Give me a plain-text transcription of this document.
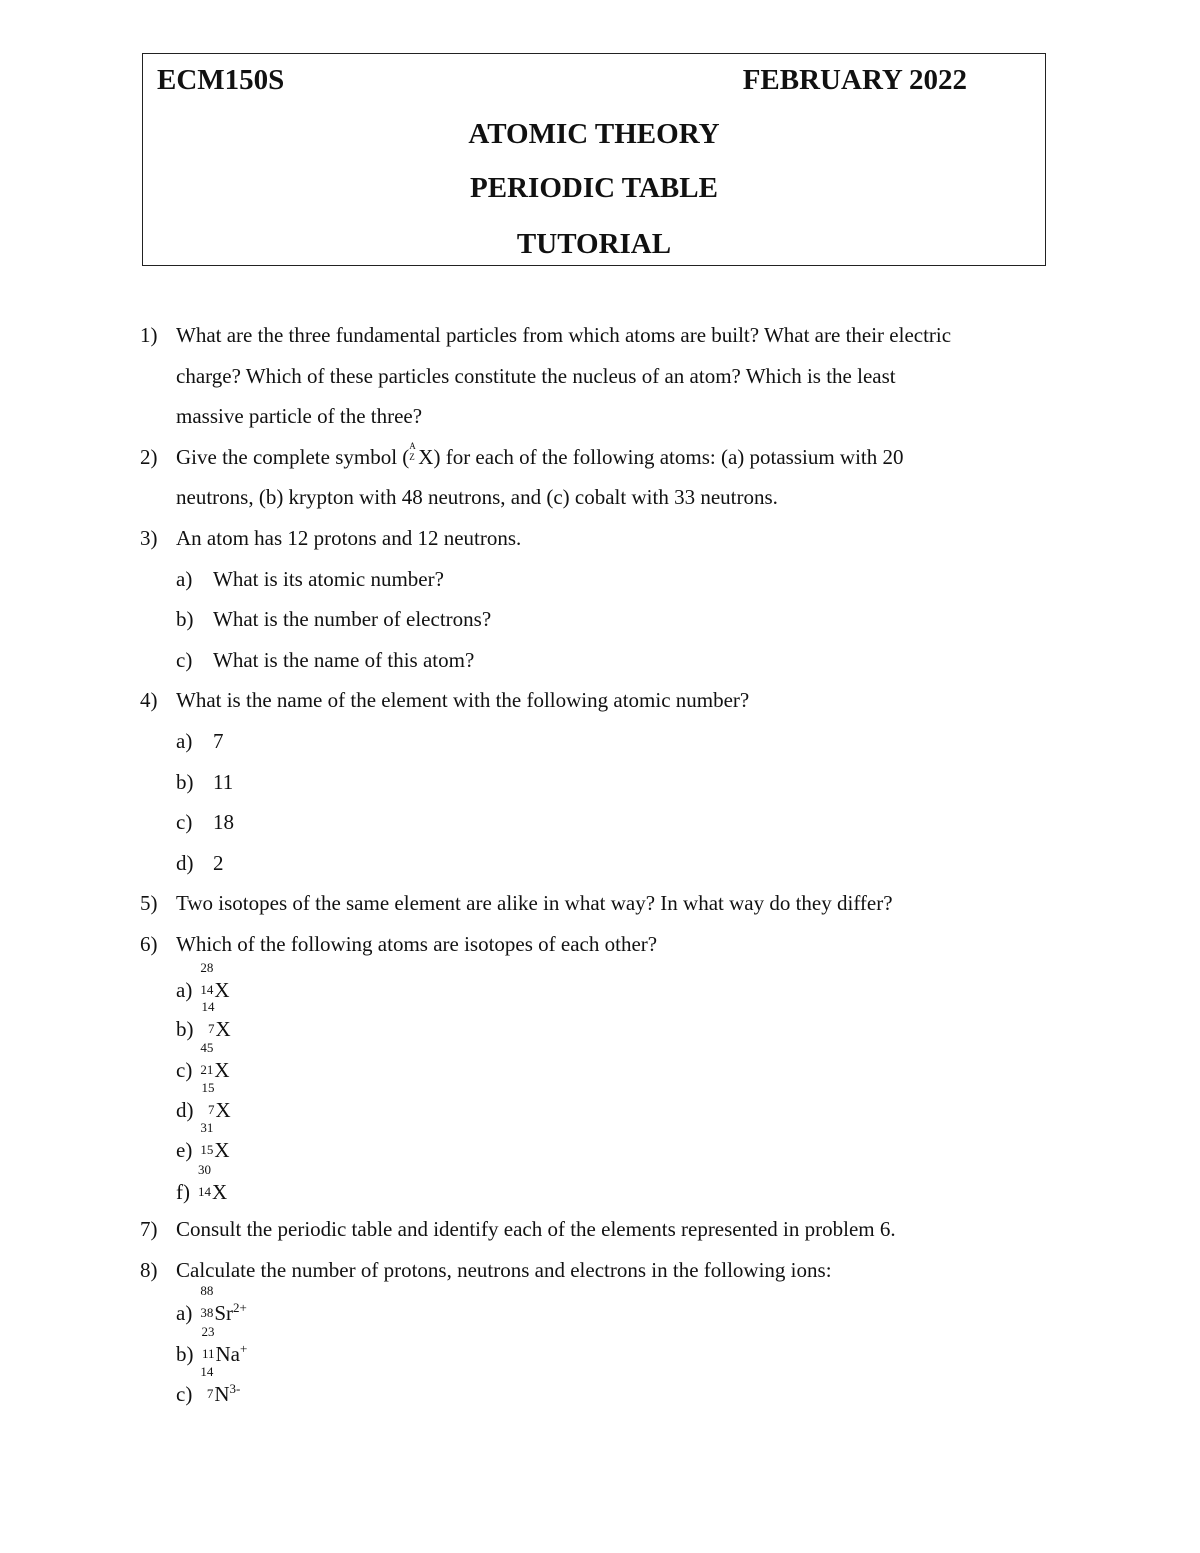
ECM150S	FEBRUARY 2022
ATOMIC THEORY
PERIODIC TABLE
TUTORIAL
1) What are the three fundamental particles from which atoms are built? What are their electric
charge? Which of these particles constitute the nucleus of an atom? Which is the least
massive particle of the three?
2) Give the complete symbol ( A
Z X) for each of the following atoms: (a) potassium with 20
neutrons, (b) krypton with 48 neutrons, and (c) cobalt with 33 neutrons.
3) An atom has 12 protons and 12 neutrons.
a) What is its atomic number?
b) What is the number of electrons?
c) What is the name of this atom?
4) What is the name of the element with the following atomic number?
a) 7
b) 11
c) 18
d) 2
5) Two isotopes of the same element are alike in what way? In what way do they differ?
6) Which of the following atoms are isotopes of each other?
a)
28
14 X
b)
14
7 X
c)
45
21 X
d)
15
7 X
e)
31
15 X
f)
30
14 X
7) Consult the periodic table and identify each of the elements represented in problem 6.
8) Calculate the number of protons, neutrons and electrons in the following ions:
a)
88
38 $Sr^{2+}$
b)
23
11 Na+
c)
14
7 $N^{3-}$
